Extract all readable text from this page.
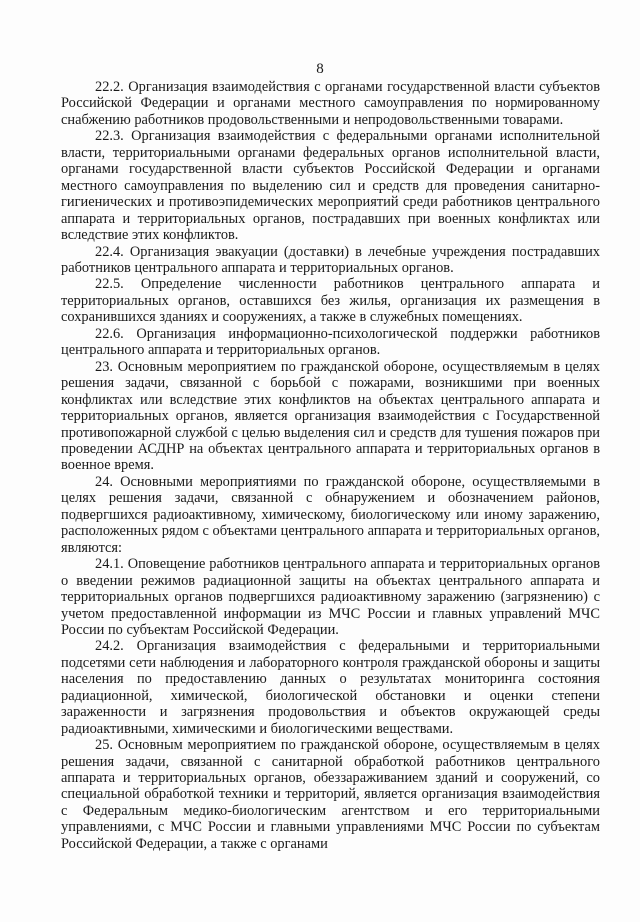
8

22.2. Организация взаимодействия с органами государственной власти субъектов Российской Федерации и органами местного самоуправления по нормированному снабжению работников продовольственными и непродовольственными товарами.

22.3. Организация взаимодействия с федеральными органами исполнительной власти, территориальными органами федеральных органов исполнительной власти, органами государственной власти субъектов Российской Федерации и органами местного самоуправления по выделению сил и средств для проведения санитарно-гигиенических и противоэпидемических мероприятий среди работников центрального аппарата и территориальных органов, пострадавших при военных конфликтах или вследствие этих конфликтов.

22.4. Организация эвакуации (доставки) в лечебные учреждения пострадавших работников центрального аппарата и территориальных органов.

22.5. Определение численности работников центрального аппарата и территориальных органов, оставшихся без жилья, организация их размещения в сохранившихся зданиях и сооружениях, а также в служебных помещениях.

22.6. Организация информационно-психологической поддержки работников центрального аппарата и территориальных органов.

23. Основным мероприятием по гражданской обороне, осуществляемым в целях решения задачи, связанной с борьбой с пожарами, возникшими при военных конфликтах или вследствие этих конфликтов на объектах центрального аппарата и территориальных органов, является организация взаимодействия с Государственной противопожарной службой с целью выделения сил и средств для тушения пожаров при проведении АСДНР на объектах центрального аппарата и территориальных органов в военное время.

24. Основными мероприятиями по гражданской обороне, осуществляемыми в целях решения задачи, связанной с обнаружением и обозначением районов, подвергшихся радиоактивному, химическому, биологическому или иному заражению, расположенных рядом с объектами центрального аппарата и территориальных органов, являются:

24.1. Оповещение работников центрального аппарата и территориальных органов о введении режимов радиационной защиты на объектах центрального аппарата и территориальных органов подвергшихся радиоактивному заражению (загрязнению) с учетом предоставленной информации из МЧС России и главных управлений МЧС России по субъектам Российской Федерации.

24.2. Организация взаимодействия с федеральными и территориальными подсетями сети наблюдения и лабораторного контроля гражданской обороны и защиты населения по предоставлению данных о результатах мониторинга состояния радиационной, химической, биологической обстановки и оценки степени зараженности и загрязнения продовольствия и объектов окружающей среды радиоактивными, химическими и биологическими веществами.

25. Основным мероприятием по гражданской обороне, осуществляемым в целях решения задачи, связанной с санитарной обработкой работников центрального аппарата и территориальных органов, обеззараживанием зданий и сооружений, со специальной обработкой техники и территорий, является организация взаимодействия с Федеральным медико-биологическим агентством и его территориальными управлениями, с МЧС России и главными управлениями МЧС России по субъектам Российской Федерации, а также с органами
